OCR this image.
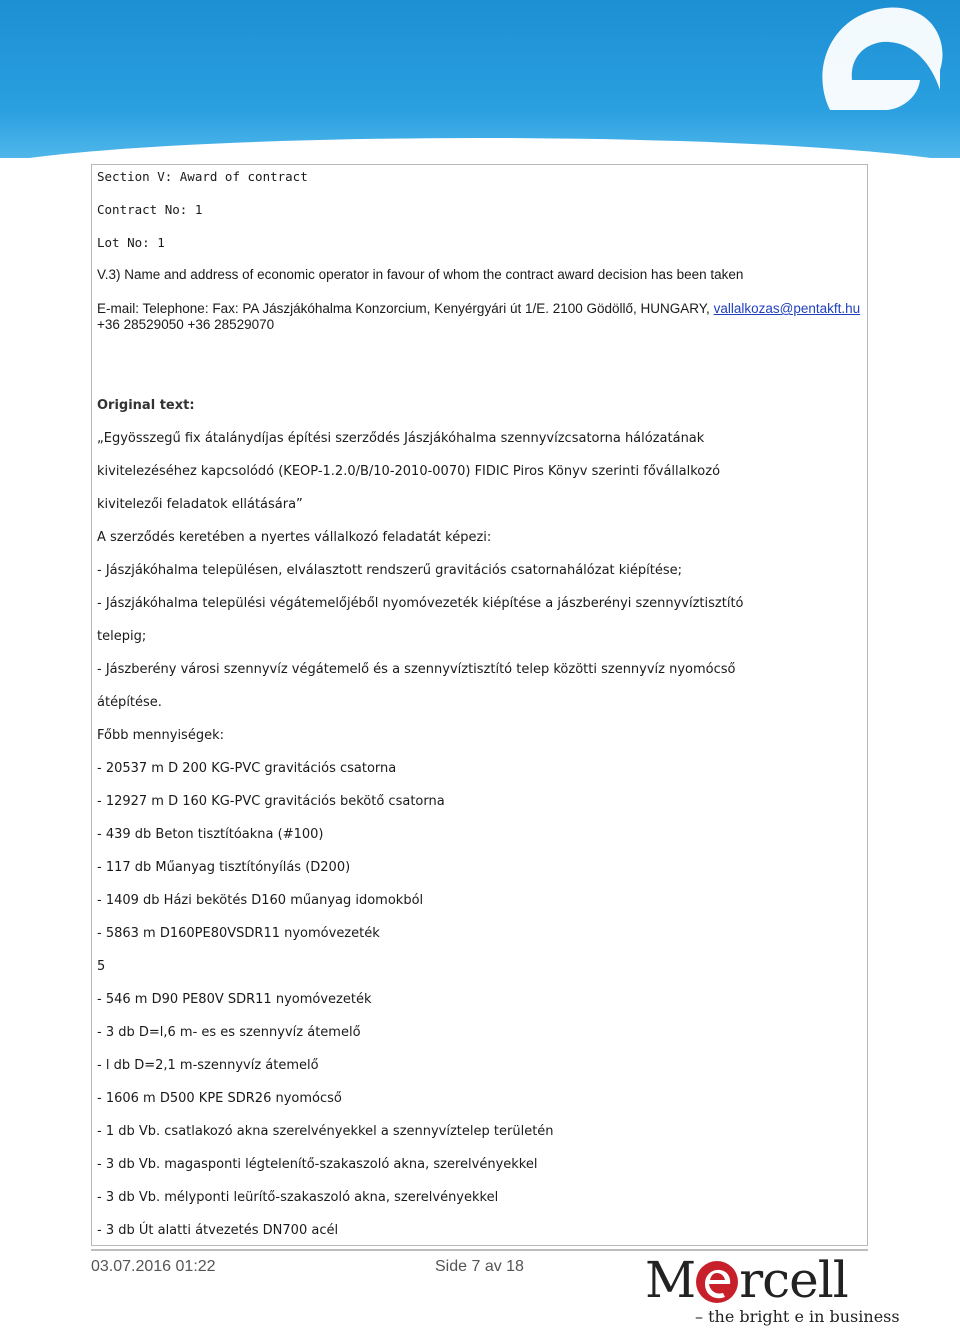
Section V: Award of contract
Contract No: 1
Lot No: 1
V.3) Name and address of economic operator in favour of whom the contract award decision has been taken
E-mail: Telephone: Fax: PA Jászjákóhalma Konzorcium, Kenyérgyári út 1/E. 2100 Gödöllő, HUNGARY, vallalkozas@pentakft.hu
+36 28529050 +36 28529070
Original text:
„Egyösszegű fix átalánydíjas építési szerződés Jászjákóhalma szennyvízcsatorna hálózatának
kivitelezéséhez kapcsolódó (KEOP-1.2.0/B/10-2010-0070) FIDIC Piros Könyv szerinti fővállalkozó
kivitelezői feladatok ellátására”
A szerződés keretében a nyertes vállalkozó feladatát képezi:
- Jászjákóhalma településen, elválasztott rendszerű gravitációs csatornahálózat kiépítése;
- Jászjákóhalma települési végátemelőjéből nyomóvezeték kiépítése a jászberényi szennyvíztisztító
telepig;
- Jászberény városi szennyvíz végátemelő és a szennyvíztisztító telep közötti szennyvíz nyomócső
átépítése.
Főbb mennyiségek:
- 20537 m D 200 KG-PVC gravitációs csatorna
- 12927 m D 160 KG-PVC gravitációs bekötő csatorna
- 439 db Beton tisztítóakna (#100)
- 117 db Műanyag tisztítónyílás (D200)
- 1409 db Házi bekötés D160 műanyag idomokból
- 5863 m D160PE80VSDR11 nyomóvezeték
5
- 546 m D90 PE80V SDR11 nyomóvezeték
- 3 db D=l,6 m- es es szennyvíz átemelő
- l db D=2,1 m-szennyvíz átemelő
- 1606 m D500 KPE SDR26 nyomócső
- 1 db Vb. csatlakozó akna szerelvényekkel a szennyvíztelep területén
- 3 db Vb. magasponti légtelenítő-szakaszoló akna, szerelvényekkel
- 3 db Vb. mélyponti leürítő-szakaszoló akna, szerelvényekkel
- 3 db Út alatti átvezetés DN700 acél
03.07.2016 01:22	Side 7 av 18 M rcell
– the bright e in business
